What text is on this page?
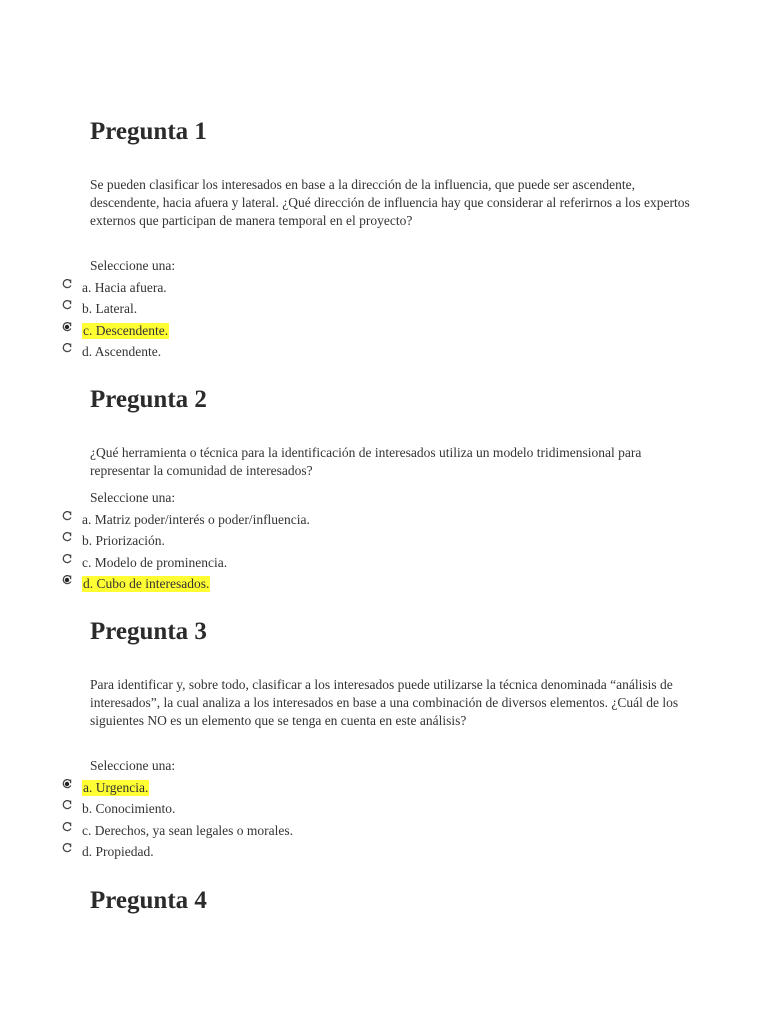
Pregunta 1

Se pueden clasificar los interesados en base a la dirección de la influencia, que puede ser ascendente, descendente, hacia afuera y lateral. ¿Qué dirección de influencia hay que considerar al referirnos a los expertos externos que participan de manera temporal en el proyecto?

Seleccione una:

a. Hacia afuera.
b. Lateral.
c. Descendente.
d. Ascendente.
Pregunta 2

¿Qué herramienta o técnica para la identificación de interesados utiliza un modelo tridimensional para representar la comunidad de interesados?

Seleccione una:

a. Matriz poder/interés o poder/influencia.
b. Priorización.
c. Modelo de prominencia.
d. Cubo de interesados.
Pregunta 3

Para identificar y, sobre todo, clasificar a los interesados puede utilizarse la técnica denominada “análisis de interesados”, la cual analiza a los interesados en base a una combinación de diversos elementos. ¿Cuál de los siguientes NO es un elemento que se tenga en cuenta en este análisis?

Seleccione una:

a. Urgencia.
b. Conocimiento.
c. Derechos, ya sean legales o morales.
d. Propiedad.
Pregunta 4
